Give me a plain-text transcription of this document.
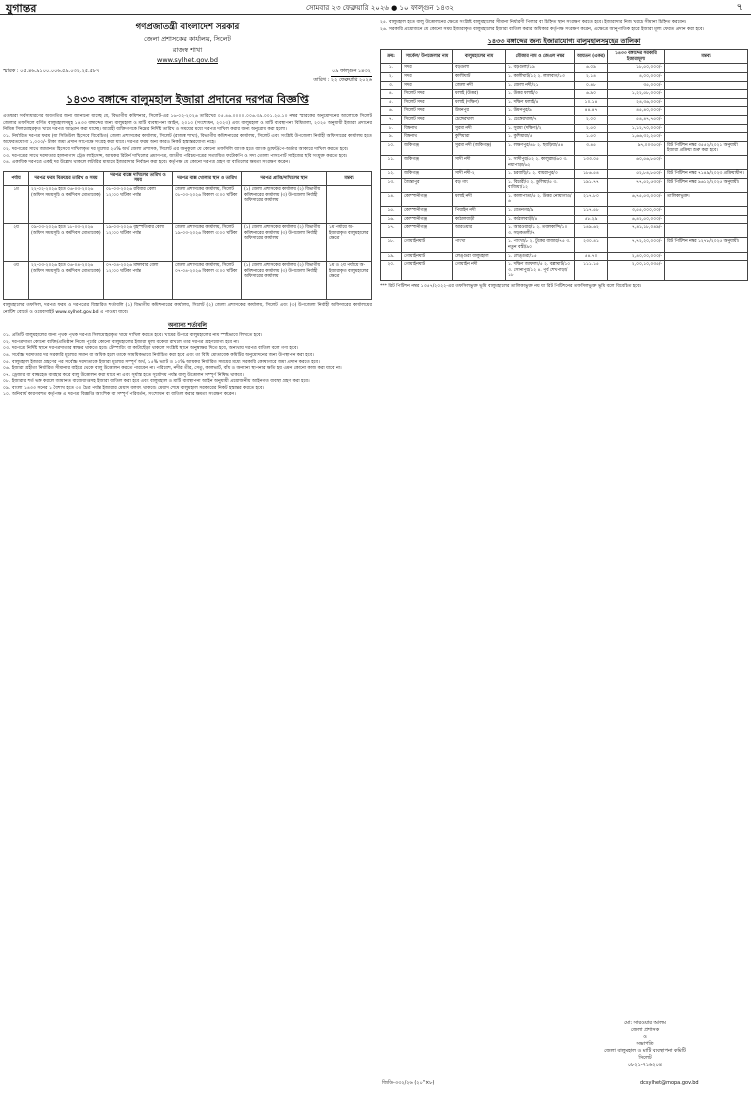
যুগান্তর	সোমবার ২৩ ফেব্রুয়ারি ২০২৬ ● ১০ ফাল্গুন ১৪৩২	৭
গণপ্রজাতন্ত্রী বাংলাদেশ সরকার
জেলা প্রশাসকের কার্যালয়, সিলেট
রাজস্ব শাখা
www.sylhet.gov.bd
স্মারক : ০৫.৪৬.৯১০০.০০৬.৫৯.০৩২.২৫.৫৮৭
তারিখ :
০৯ ফাল্গুন ১৪৩২
২২ ফেব্রুয়ারি ২০২৬
১৪৩৩ বঙ্গাব্দে বালুমহাল ইজারা প্রদানের দরপত্র বিজ্ঞপ্তি
এতদ্বারা সর্বসাধারণের অবগতির জন্য জানানো যাচ্ছে যে, বিভাগীয় কমিশনার, সিলেট-এর ১৬-০২-২০২৬ তারিখের ০৫.৪৬.০০০০.০০৬.৩৯.০০১.২৫.১০ নম্বর স্মারকের অনুমোদনের আলোকে সিলেট জেলার তফসিলে বর্ণিত বালুমহালসমূহ ১৪৩৩ বঙ্গাব্দের জন্য বালুমহাল ও মাটি ব্যবস্থাপনা আইন, ২০১০ (সংশোধন, ২০২৩) এবং বালুমহাল ও মাটি ব্যবস্থাপনা বিধিমালা, ২০২৫ অনুযায়ী ইজারা প্রদানের নিমিত্ত সিলমোহরকৃত খামে দরপত্র আহ্বান করা যাচ্ছে। আগ্রহী ব্যক্তিগণকে নিম্নের নির্দিষ্ট তারিখ ও সময়ের মধ্যে দরপত্র দাখিল করার জন্য অনুরোধ করা হলো।
০১. নির্ধারিত দরপত্র ফরম (যা সিডিউল হিসেবে বিবেচিত) জেলা প্রশাসকের কার্যালয়, সিলেট (রাজস্ব শাখা), বিভাগীয় কমিশনারের কার্যালয়, সিলেট এবং সংশ্লিষ্ট উপজেলা নির্বাহী অফিসারের কার্যালয় হতে অফেরতযোগ্য ১,০০০/- টাকা জমা প্রদান সাপেক্ষে সংগ্রহ করা যাবে। দরপত্র ফরম অন্য কারও নিকট হস্তান্তরযোগ্য নহে।
০২. দরপত্রের সাথে জামানত হিসেবে দাখিলকৃত দর মূল্যের ২৫% অর্থ জেলা প্রশাসক, সিলেট এর অনুকূলে যে কোনো তফসিলি ব্যাংক হতে ব্যাংক ড্রাফট/পে-অর্ডার আকারে দাখিল করতে হবে।
০৩. দরপত্রের সাথে দরদাতার হালনাগাদ ট্রেড লাইসেন্স, আয়কর রিটার্ন দাখিলের প্রমাণপত্র, জাতীয় পরিচয়পত্রের সত্যায়িত ফটোকপি ও সদ্য তোলা পাসপোর্ট সাইজের ছবি সংযুক্ত করতে হবে।
০৪. একাধিক দরপত্রে একই দর উল্লেখ থাকলে লটারির মাধ্যমে ইজারাদার নির্বাচন করা হবে। কর্তৃপক্ষ যে কোনো দরপত্র গ্রহণ বা বাতিলের ক্ষমতা সংরক্ষণ করেন।
পর্যায়	দরপত্র ফরম বিক্রয়ের তারিখ ও সময়	দরপত্র বাক্সে দাখিলের তারিখ ও সময়	দরপত্র বাক্স খোলার স্থান ও তারিখ	দরপত্র প্রাপ্তি/দাখিলের স্থান	মন্তব্য
১ম	২২-০২-২০২৬ হতে ০৬-০৩-২০২৬ (অফিস সময়সূচি ও কর্মদিবস মোতাবেক)	০৮-০৩-২০২৬ রবিবার বেলা ১২:০০ ঘটিকা পর্যন্ত	জেলা প্রশাসকের কার্যালয়, সিলেট ০৮-০৩-২০২৬ বিকাল ৩:০০ ঘটিকা	(১) জেলা প্রশাসকের কার্যালয় (২) বিভাগীয় কমিশনারের কার্যালয় (৩) উপজেলা নির্বাহী অফিসারের কার্যালয়	
২য়	০৯-০৩-২০২৬ হতে ১৮-০৩-২০২৬ (অফিস সময়সূচি ও কর্মদিবস মোতাবেক)	১৯-০৩-২০২৬ বৃহস্পতিবার বেলা ১২:০০ ঘটিকা পর্যন্ত	জেলা প্রশাসকের কার্যালয়, সিলেট ১৯-০৩-২০২৬ বিকাল ৩:০০ ঘটিকা	(১) জেলা প্রশাসকের কার্যালয় (২) বিভাগীয় কমিশনারের কার্যালয় (৩) উপজেলা নির্বাহী অফিসারের কার্যালয়	১ম পর্যায়ে অ-ইজারাকৃত বালুমহালের ক্ষেত্রে
৩য়	২২-০৩-২০২৬ হতে ০৬-০৪-২০২৬ (অফিস সময়সূচি ও কর্মদিবস মোতাবেক)	০৭-০৪-২০২৬ মঙ্গলবার বেলা ১২:০০ ঘটিকা পর্যন্ত	জেলা প্রশাসকের কার্যালয়, সিলেট ০৭-০৪-২০২৬ বিকাল ৩:০০ ঘটিকা	(১) জেলা প্রশাসকের কার্যালয় (২) বিভাগীয় কমিশনারের কার্যালয় (৩) উপজেলা নির্বাহী অফিসারের কার্যালয়	১ম ও ২য় পর্যায়ে অ-ইজারাকৃত বালুমহালের ক্ষেত্রে
বালুমহালের তফসিল, দরপত্র ফরম ও দরপত্রের বিস্তারিত শর্তাবলি (১) বিভাগীয় কমিশনারের কার্যালয়, সিলেট (২) জেলা প্রশাসকের কার্যালয়, সিলেট এবং (৩) উপজেলা নির্বাহী অফিসারের কার্যালয়ের নোটিশ বোর্ডে ও ওয়েবসাইট www.sylhet.gov.bd এ পাওয়া যাবে।
অন্যান্য শর্তাবলি
০১. প্রতিটি বালুমহালের জন্য পৃথক পৃথক দরপত্র সিলমোহরকৃত খামে দাখিল করতে হবে। খামের উপরে বালুমহালের নাম স্পষ্টভাবে লিখতে হবে।
০২. দরপত্রদাতা কোনো ব্যক্তি/প্রতিষ্ঠান নিজে পূর্বের কোনো বালুমহালের ইজারা মূল্য বকেয়া রাখলে তার দরপত্র গ্রহণযোগ্য হবে না।
০৩. দরপত্রে নির্দিষ্ট স্থানে দরপত্রদাতার স্বাক্ষর থাকতে হবে। টেম্পারিং বা কাটাছেঁড়া থাকলে সংশ্লিষ্ট স্থানে অনুস্বাক্ষর দিতে হবে, অন্যথায় দরপত্র বাতিল বলে গণ্য হবে।
০৪. সর্বোচ্চ দরদাতার দর সরকারি মূল্যের সমান বা অধিক হলে তাকে সাময়িকভাবে নির্বাচিত করা হবে এবং তা বিধি মোতাবেক কমিটির অনুমোদনের জন্য উপস্থাপন করা হবে।
০৫. বালুমহাল ইজারা গ্রহণের পর সর্বোচ্চ দরদাতাকে ইজারা মূল্যের সম্পূর্ণ অর্থ, ১৫% ভ্যাট ও ১০% আয়কর নির্ধারিত সময়ের মধ্যে সরকারি কোষাগারে জমা প্রদান করতে হবে।
০৬. ইজারা গ্রহীতা নির্ধারিত সীমানার বাইরে থেকে বালু উত্তোলন করতে পারবেন না। পরিবেশ, নদীর তীর, সেতু, কালভার্ট, বাঁধ ও অন্যান্য স্থাপনার ক্ষতি হয় এমন কোনো কাজ করা যাবে না।
০৭. ড্রেজার বা বাল্কহেড ব্যবহার করে বালু উত্তোলন করা যাবে না এবং সূর্যাস্ত হতে সূর্যোদয় পর্যন্ত বালু উত্তোলন সম্পূর্ণ নিষিদ্ধ থাকবে।
০৮. ইজারার শর্ত ভঙ্গ করলে জামানত বাজেয়াপ্তসহ ইজারা বাতিল করা হবে এবং বালুমহাল ও মাটি ব্যবস্থাপনা আইন অনুযায়ী প্রয়োজনীয় আইনগত ব্যবস্থা গ্রহণ করা হবে।
০৯. বাংলা ১৪৩৩ সনের ১ বৈশাখ হতে ৩০ চৈত্র পর্যন্ত ইজারার মেয়াদ বলবৎ থাকবে। মেয়াদ শেষে বালুমহাল সরকারের নিকট হস্তান্তর করতে হবে।
১০. অনিবার্য কারণবশত কর্তৃপক্ষ এ দরপত্র বিজ্ঞপ্তি আংশিক বা সম্পূর্ণ পরিবর্তন, সংশোধন বা বাতিল করার ক্ষমতা সংরক্ষণ করেন।
২৫. বালুমহাল হতে বালু উত্তোলনের ক্ষেত্রে সংশ্লিষ্ট বালুমহালের সীমানা নির্ধারণী পিলার বা চিহ্নিত স্থান সংরক্ষণ করতে হবে। ইজারাদার নিজ খরচে সীমানা চিহ্নিত করবেন।
২৬. সরকারি প্রয়োজনে যে কোনো সময় ইজারাকৃত বালুমহালের ইজারা বাতিল করার অধিকার কর্তৃপক্ষ সংরক্ষণ করেন, এক্ষেত্রে আনুপাতিক হারে ইজারা মূল্য ফেরত প্রদান করা হবে।
১৪৩৩ বঙ্গাব্দের জন্য ইজারাযোগ্য বালুমহালসমূহের তালিকা
ক্রম:	সার্কেল/ উপজেলার নাম	বালুমহালের নাম	মৌজার নাম ও জেএল নম্বর	আয়তন (একর)	১৪৩৩ বঙ্গাব্দের সরকারি ইজারামূল্য	মন্তব্য
১.	সদর	বড়গুলা	১. বড়গুলা/১৯	৬.০৯	১৮,৫০,০০০/-	
২.	সদর	কালীঘাট	১. কালীঘাট/১২ ২. লালবাগ/১৩	২.১৪	৪,০০,০০০/-	
৩.	সদর	জেলা নদী	১. জেলা নদী/২১	০.৪৮	৩৫,০০০/-	
৪.	সিলেট সদর	ধলাই (উত্তর)	১. উত্তর ধলাই/৩	৬.৯০	১,২২,৫৮,০০০/-	
৫.	সিলেট সদর	ধলাই (দক্ষিণ)	১. দক্ষিণ ধলাই/৪	১০.১৪	২৪,৩৬,০০০/-	
৬.	সিলেট সদর	উমনপুর	১. উমনপুর/৯	৪৪.৪৭	৪৫,৪০,০০০/-	
৭.	সিলেট সদর	চেঙ্গেরখাল	১. চেঙ্গেরখাল/৭	২.০০	৫৪,৪৭,৭৫০/-	
৮.	বিশ্বনাথ	সুরমা নদী	১. সুরমা (দক্ষিণ)/২	২.৫০	১,১২,৭০,০০০/-	
৯.	বিশ্বনাথ	কুশিয়ারা	১. কুশিয়ারা/৫	১.৫০	১,৬৬,৩২,২৫০/-	
১০.	জকিগঞ্জ	সুরমা নদী (জকিগঞ্জ)	১. লক্ষণপুর/৪৮ ২. ছবড়িয়া/৫৪	৩.৪৫	৯৭,০০৩৫০/-	রিট পিটিশন নম্বর ৩৫৫২/২০২১ অনুযায়ী ইজারা প্রক্রিয়া শুরু করা হবে।
১১.	জকিগঞ্জ	সাদী নদী	১. সাদীপুর/৫২ ২. কালুরাম/৬০ ৩. নয়াপাড়া/৬২	১৩৩.০৫	৬০,৫৬,৮৫০/-	
১২.	জকিগঞ্জ	সাদী নদী-২	১. চরবাড়ি/১ ২. বায়রাপুর/৩	১৮৬.৫৪	৫২,৮৪,৮৫০/-	রিট পিটিশন নম্বর ৭১৪৯/২০২৩ প্রক্রিয়াধীন।
১৩.	জৈন্তাপুর	বড় গাং	১. বিচারী/৩ ২. ডুলিয়া/৫ ৩. বাজিয়া/১২	১৯১.৭৭	৭৭,৫২,৫৩০/-	রিট পিটিশন নম্বর ৯৬১২/২০২৫ অনুযায়ী।
১৪.	কোম্পানীগঞ্জ	ধলাই নদী	১. কালাপাতা/৫ ২. উত্তর নোয়াগাও/৬	২১৭.৮০	৬,৭৫,৫৩,০০০/-	তালিকাভুক্ত।
১৫.	কোম্পানীগঞ্জ	পিয়াইন নদী	১. বেতনগর/৯	১১৭.৫৮	৩,৫৫,০০০,০০/-	
১৬.	কোম্পানীগঞ্জ	কাঠালবাড়ী	১. কাঠালবাড়ী/৪	৫৮.২৯	৬,৪২,৫০,০০০/-	
১৭.	কোম্পানীগঞ্জ	আরওয়ার	১. আরওয়ার/১ ২. তবলকান্দি/১০ ৩. সড়কতলী/৭	১৪৯.৬২	৭,৪১,১৮,০৪৯/-	
১৮.	গোয়াইনঘাট	পাংখা	১. পাংখা/৮ ২. টুকের বাজার/৭৫ ৩. নতুন বস্তী/৯০	২৩০.৪১	৭,৭২,২০,০০০/-	রিট পিটিশন নম্বর ১২৭৮/২০২৫ অনুযায়ী।
১৯.	গোয়াইনঘাট	লেঙ্গুরা বালুমহাল	১. লেঙ্গুরা/১৫	৫৪.৭০	২,৪০,০০,০০০/-	
২০.	গোয়াইনঘাট	গোয়াইন নদী	১. দক্ষিণ জাফলং/৫ ২. বল্লাঘাট/১০ ৩. সোনাপুর/১২ ৪. পূর্ব শেখপাড়া/১৮	১১১.১৫	২,০০,১০,০৩৫/-	
*** রিট পিটিশন নম্বর ১৩৫৭/২০২২-এর তফসিলভুক্ত ভূমি বালুমহালের তালিকাভুক্ত নয় যা রিট পিটিশনের তফসিলভুক্ত ভূমি বলে বিবেচিত হবে।
মো: সারওয়ার আলম
জেলা প্রশাসক
ও
সভাপতি
জেলা বালুমহাল ও মাটি ব্যবস্থাপনা কমিটি
সিলেট
০৮২১-৭১৬২০৪
জিডি-৩৩২/২৬ (২০"×৮)	dcsylhet@mopa.gov.bd
